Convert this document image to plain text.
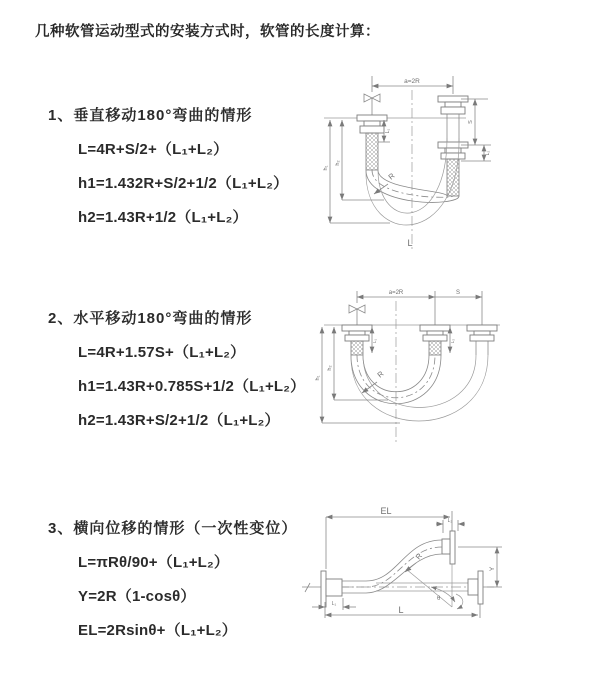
几种软管运动型式的安装方式时，软管的长度计算：
1、垂直移动180°弯曲的情形
L=4R+S/2+（L₁+L₂）
h1=1.432R+S/2+1/2（L₁+L₂）
h2=1.43R+1/2（L₁+L₂）
a=2R
h₁
h₂
L₁
S
L₂
R
L
2、水平移动180°弯曲的情形
L=4R+1.57S+（L₁+L₂）
h1=1.43R+0.785S+1/2（L₁+L₂）
h2=1.43R+S/2+1/2（L₁+L₂）
a=2R	S
L₁	L₂
h₁
h₂
R
3、横向位移的情形（一次性变位）
L=πRθ/90+（L₁+L₂）
Y=2R（1-cosθ）
EL=2Rsinθ+（L₁+L₂）
EL
L₂
Y
θ
R
L₁
L
